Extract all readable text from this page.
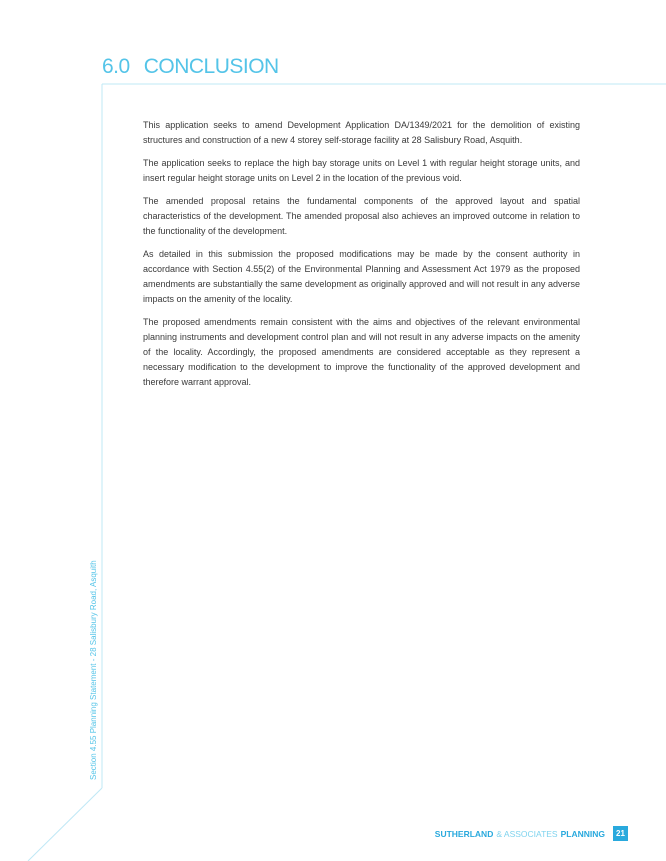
6.0 CONCLUSION

This application seeks to amend Development Application DA/1349/2021 for the demolition of existing structures and construction of a new 4 storey self-storage facility at 28 Salisbury Road, Asquith.

The application seeks to replace the high bay storage units on Level 1 with regular height storage units, and insert regular height storage units on Level 2 in the location of the previous void.

The amended proposal retains the fundamental components of the approved layout and spatial characteristics of the development. The amended proposal also achieves an improved outcome in relation to the functionality of the development.

As detailed in this submission the proposed modifications may be made by the consent authority in accordance with Section 4.55(2) of the Environmental Planning and Assessment Act 1979 as the proposed amendments are substantially the same development as originally approved and will not result in any adverse impacts on the amenity of the locality.

The proposed amendments remain consistent with the aims and objectives of the relevant environmental planning instruments and development control plan and will not result in any adverse impacts on the amenity of the locality. Accordingly, the proposed amendments are considered acceptable as they represent a necessary modification to the development to improve the functionality of the approved development and therefore warrant approval.

Section 4.55 Planning Statement - 28 Salisbury Road, Asquith
SUTHERLAND & ASSOCIATES PLANNING	21
